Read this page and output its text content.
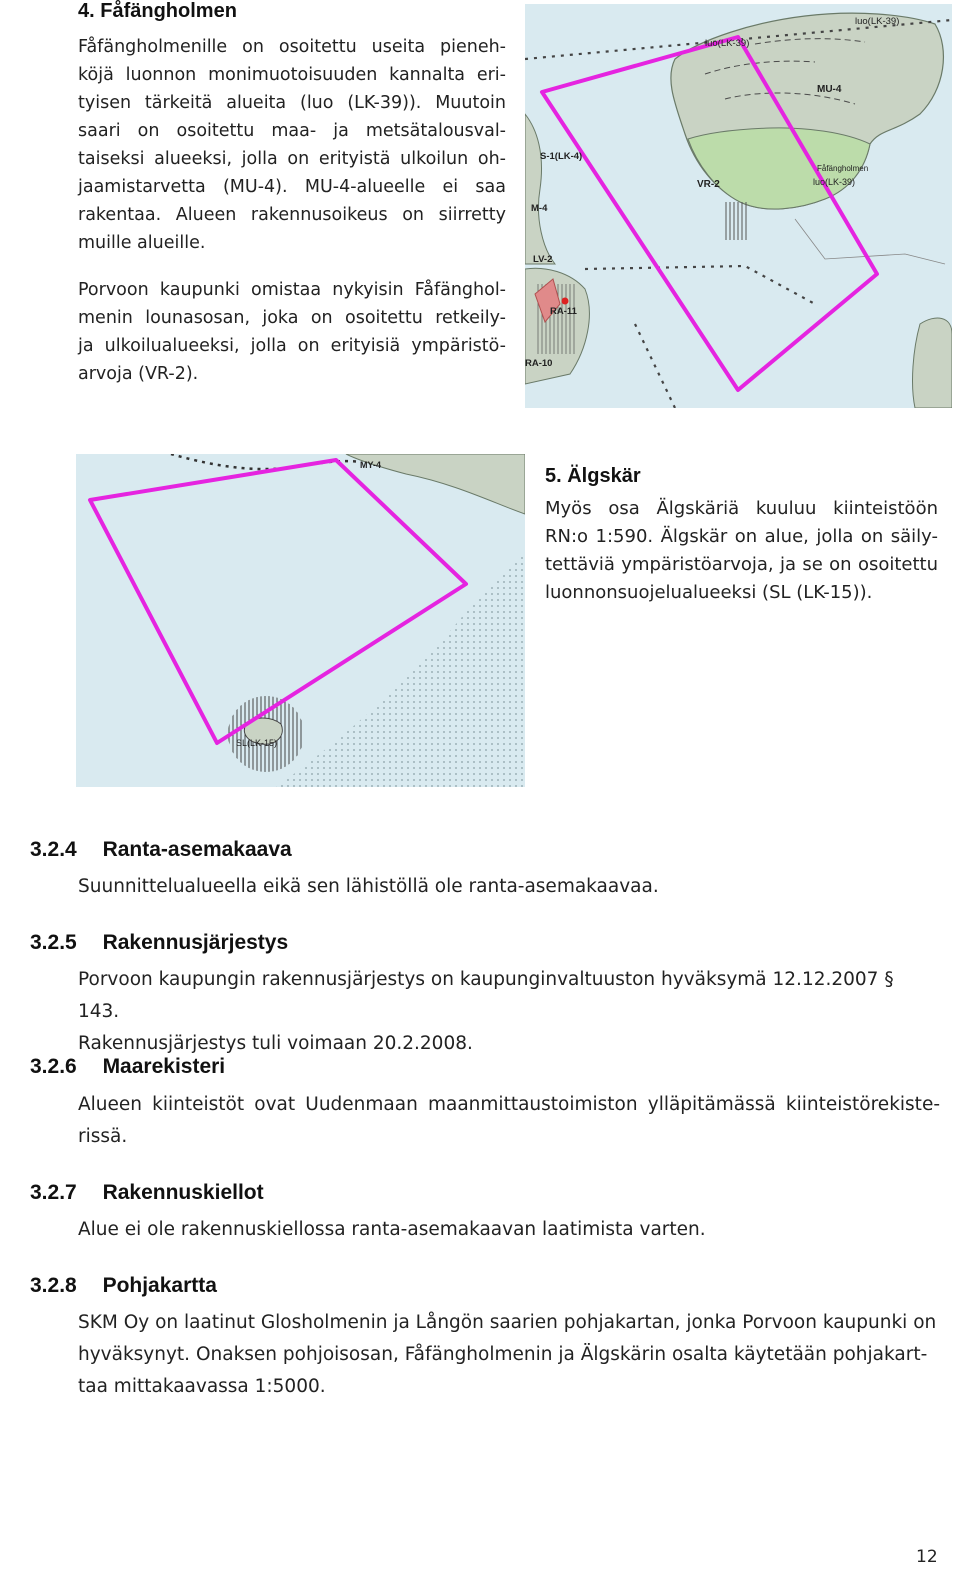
4. Fåfängholmen
Fåfängholmenille on osoitettu useita pieneh-
köjä luonnon monimuotoisuuden kannalta eri-
tyisen tärkeitä alueita (luo (LK-39)). Muutoin
saari on osoitettu maa- ja metsätalousval-
taiseksi alueeksi, jolla on erityistä ulkoilun oh-
jaamistarvetta (MU-4). MU-4-alueelle ei saa
rakentaa. Alueen rakennusoikeus on siirretty
muille alueille.
Porvoon kaupunki omistaa nykyisin Fåfänghol-
menin lounasosan, joka on osoitettu retkeily-
ja ulkoilualueeksi, jolla on erityisiä ympäristö-
arvoja (VR-2).
luo(LK-39)
luo(LK-39)
MU-4
VR-2
Fåfängholmen
luo(LK-39)
S-1(LK-4)
M-4
LV-2
RA-11
RA-10
MY-4
SL(LK-15)
5. Älgskär
Myös osa Älgskäriä kuuluu kiinteistöön
RN:o 1:590. Älgskär on alue, jolla on säily-
tettäviä ympäristöarvoja, ja se on osoitettu
luonnonsuojelualueeksi (SL (LK-15)).
3.2.4 Ranta-asemakaava
Suunnittelualueella eikä sen lähistöllä ole ranta-asemakaavaa.
3.2.5 Rakennusjärjestys
Porvoon kaupungin rakennusjärjestys on kaupunginvaltuuston hyväksymä 12.12.2007 § 143.
Rakennusjärjestys tuli voimaan 20.2.2008.
3.2.6 Maarekisteri
Alueen kiinteistöt ovat Uudenmaan maanmittaustoimiston ylläpitämässä kiinteistörekiste-
rissä.
3.2.7 Rakennuskiellot
Alue ei ole rakennuskiellossa ranta-asemakaavan laatimista varten.
3.2.8 Pohjakartta
SKM Oy on laatinut Glosholmenin ja Långön saarien pohjakartan, jonka Porvoon kaupunki on
hyväksynyt. Onaksen pohjoisosan, Fåfängholmenin ja Älgskärin osalta käytetään pohjakart-
taa mittakaavassa 1:5000.
12
